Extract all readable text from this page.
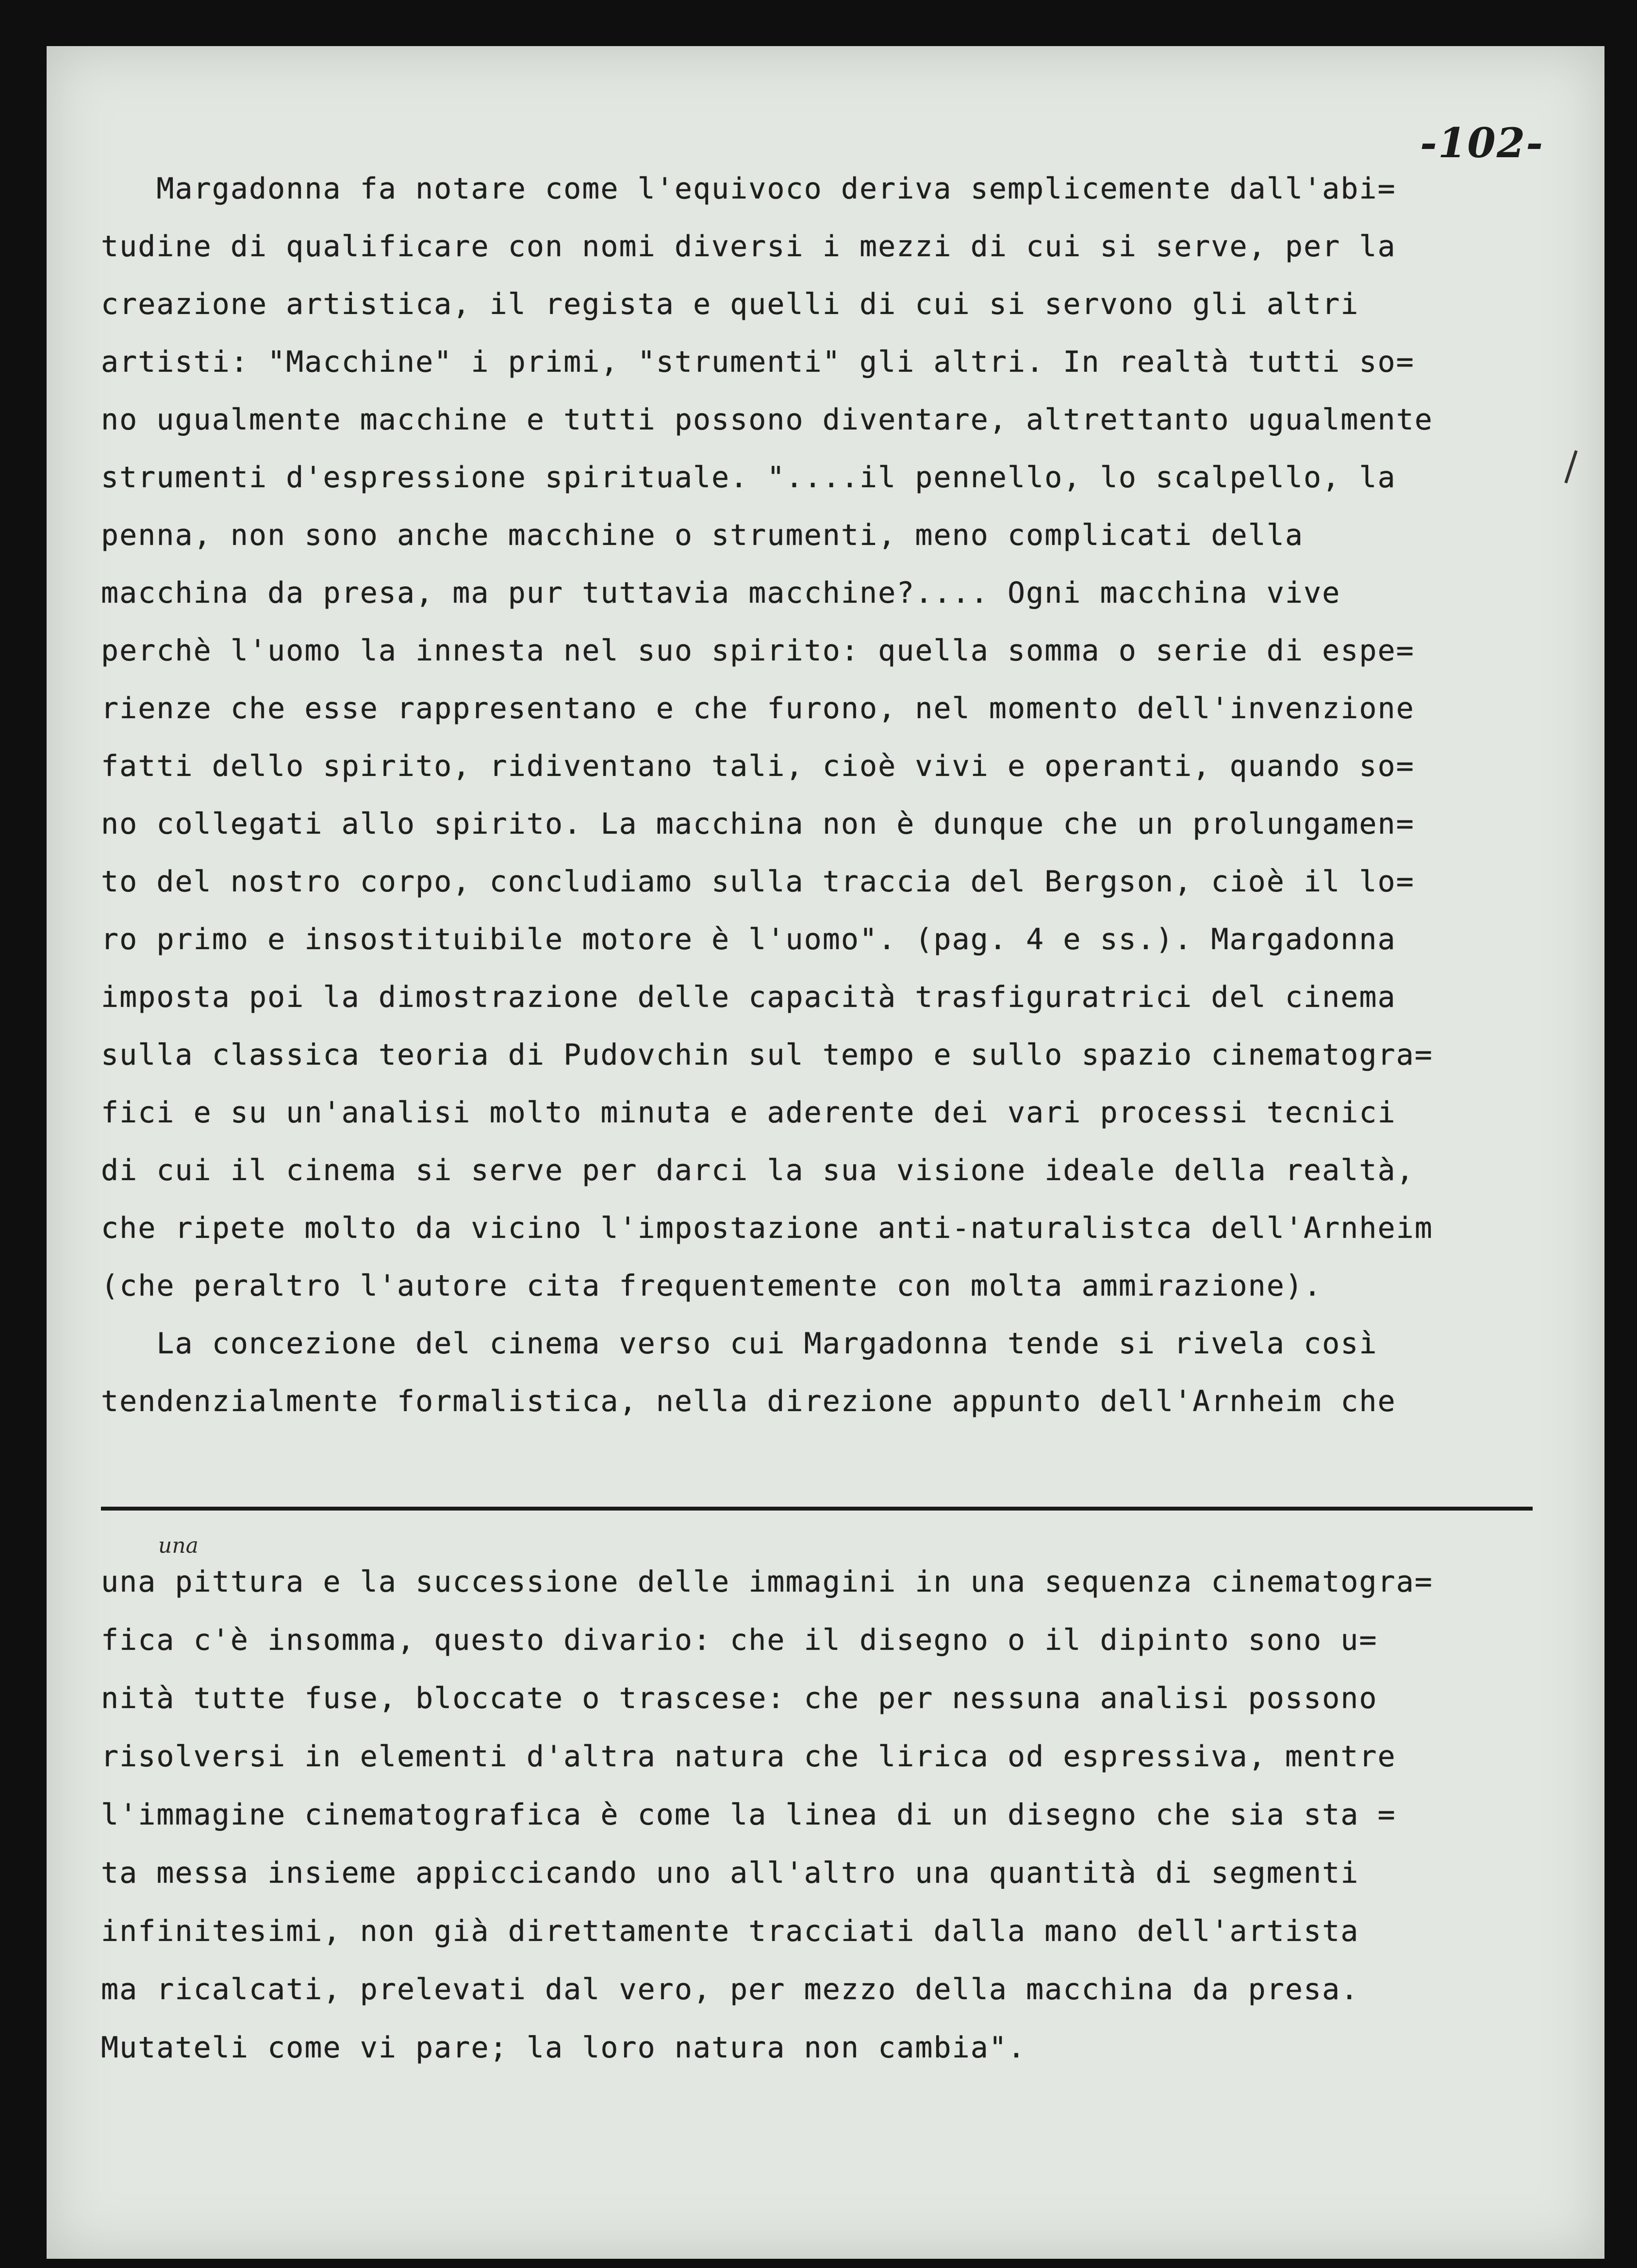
-102-
Margadonna fa notare come l'equivoco deriva semplicemente dall'abi=
tudine di qualificare con nomi diversi i mezzi di cui si serve, per la
creazione artistica, il regista e quelli di cui si servono gli altri
artisti: "Macchine" i primi, "strumenti" gli altri. In realtà tutti so=
no ugualmente macchine e tutti possono diventare, altrettanto ugualmente
strumenti d'espressione spirituale. "....il pennello, lo scalpello, la
penna, non sono anche macchine o strumenti, meno complicati della
macchina da presa, ma pur tuttavia macchine?.... Ogni macchina vive
perchè l'uomo la innesta nel suo spirito: quella somma o serie di espe=
rienze che esse rappresentano e che furono, nel momento dell'invenzione
fatti dello spirito, ridiventano tali, cioè vivi e operanti, quando so=
no collegati allo spirito. La macchina non è dunque che un prolungamen=
to del nostro corpo, concludiamo sulla traccia del Bergson, cioè il lo=
ro primo e insostituibile motore è l'uomo". (pag. 4 e ss.). Margadonna
imposta poi la dimostrazione delle capacità trasfiguratrici del cinema
sulla classica teoria di Pudovchin sul tempo e sullo spazio cinematogra=
fici e su un'analisi molto minuta e aderente dei vari processi tecnici
di cui il cinema si serve per darci la sua visione ideale della realtà,
che ripete molto da vicino l'impostazione anti-naturalistca dell'Arnheim
(che peraltro l'autore cita frequentemente con molta ammirazione).
La concezione del cinema verso cui Margadonna tende si rivela così
tendenzialmente formalistica, nella direzione appunto dell'Arnheim che
una
una pittura e la successione delle immagini in una sequenza cinematogra=
fica c'è insomma, questo divario: che il disegno o il dipinto sono u=
nità tutte fuse, bloccate o trascese: che per nessuna analisi possono
risolversi in elementi d'altra natura che lirica od espressiva, mentre
l'immagine cinematografica è come la linea di un disegno che sia sta =
ta messa insieme appiccicando uno all'altro una quantità di segmenti
infinitesimi, non già direttamente tracciati dalla mano dell'artista
ma ricalcati, prelevati dal vero, per mezzo della macchina da presa.
Mutateli come vi pare; la loro natura non cambia".
